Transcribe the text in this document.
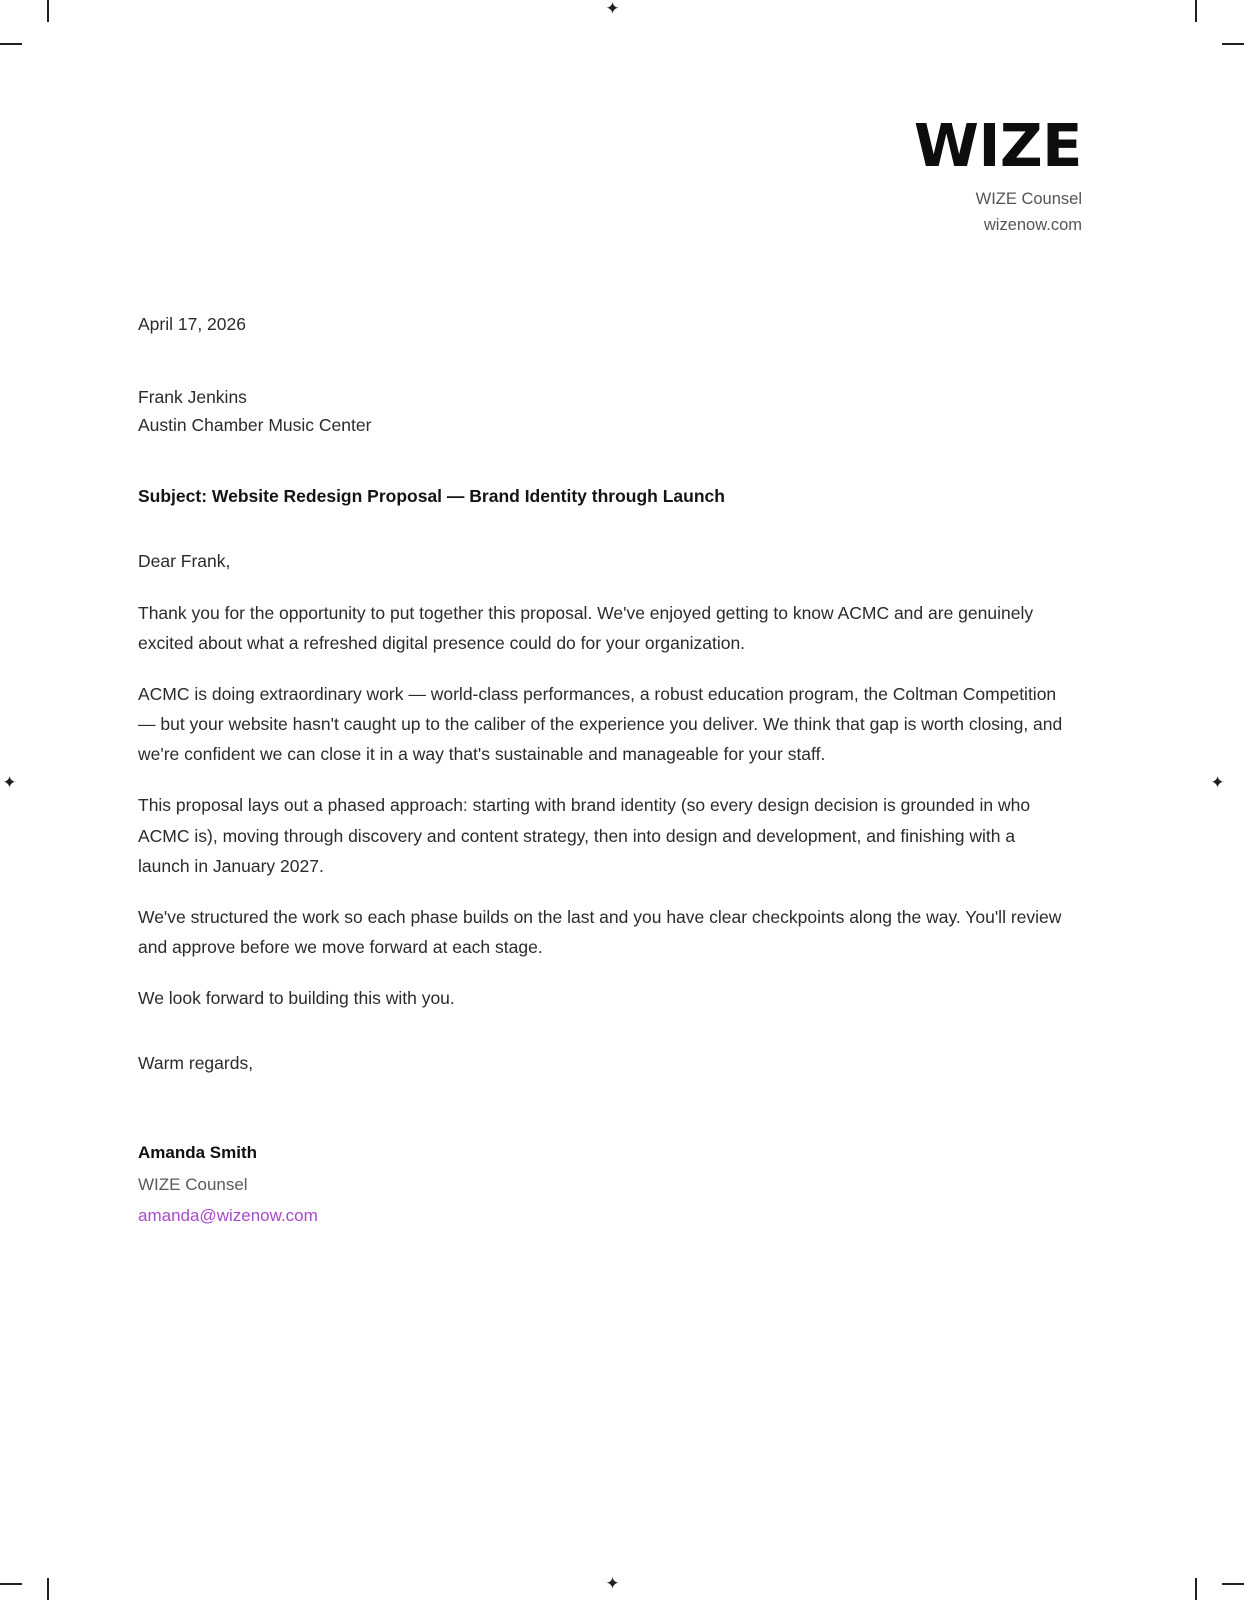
✦
✦	✦
✦
WIZE
WIZE Counsel
wizenow.com
April 17, 2026
Frank Jenkins
Austin Chamber Music Center
Subject: Website Redesign Proposal — Brand Identity through Launch
Dear Frank,

Thank you for the opportunity to put together this proposal. We've enjoyed getting to know ACMC and are genuinely excited about what a refreshed digital presence could do for your organization.

ACMC is doing extraordinary work — world-class performances, a robust education program, the Coltman Competition — but your website hasn't caught up to the caliber of the experience you deliver. We think that gap is worth closing, and we're confident we can close it in a way that's sustainable and manageable for your staff.

This proposal lays out a phased approach: starting with brand identity (so every design decision is grounded in who ACMC is), moving through discovery and content strategy, then into design and development, and finishing with a launch in January 2027.

We've structured the work so each phase builds on the last and you have clear checkpoints along the way. You'll review and approve before we move forward at each stage.

We look forward to building this with you.

Warm regards,
Amanda Smith
WIZE Counsel
amanda@wizenow.com
